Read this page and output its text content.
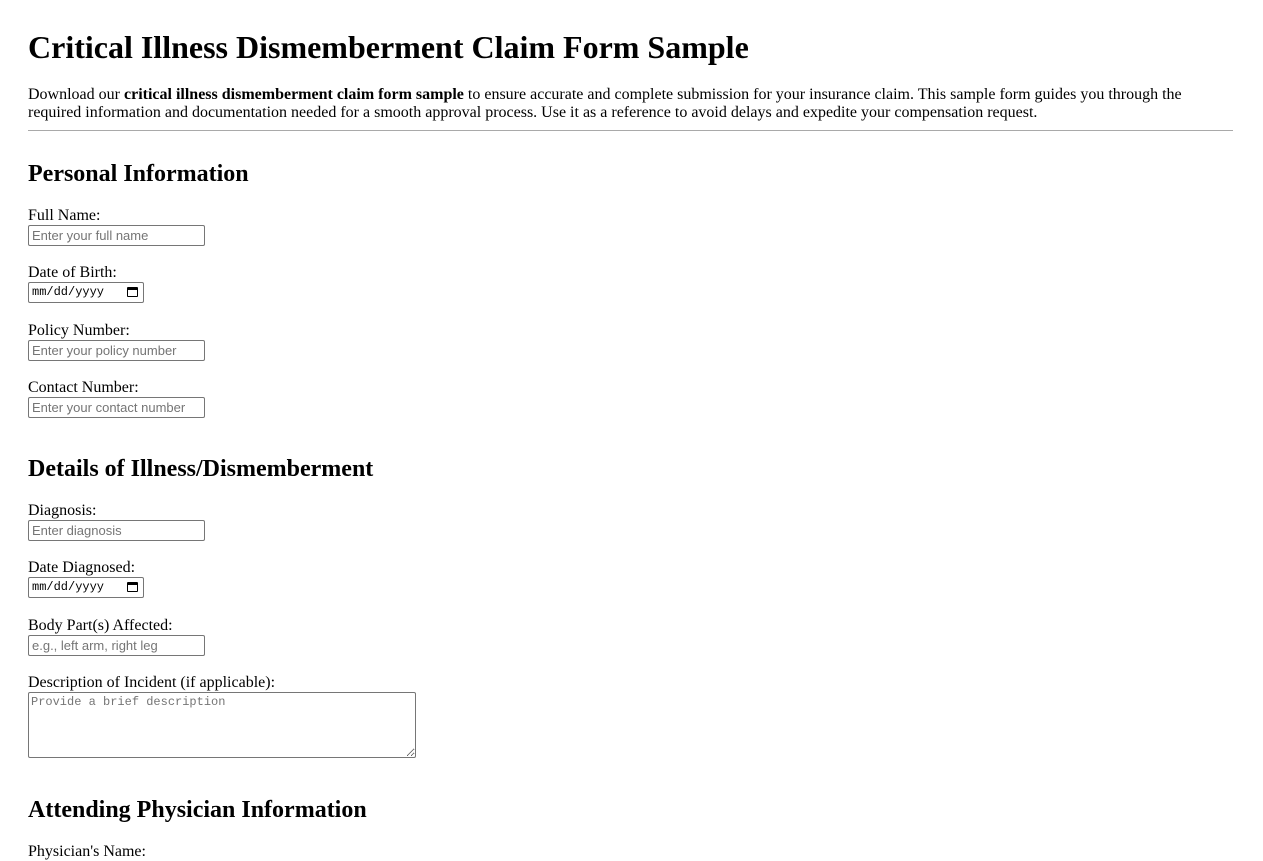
Critical Illness Dismemberment Claim Form Sample

Download our critical illness dismemberment claim form sample to ensure accurate and complete submission for your insurance claim. This sample form guides you through the required information and documentation needed for a smooth approval process. Use it as a reference to avoid delays and expedite your compensation request.

Personal Information
Full Name:
Enter your full name
Date of Birth:
mm/dd/yyyy
Policy Number:
Enter your policy number
Contact Number:
Enter your contact number
Details of Illness/Dismemberment
Diagnosis:
Enter diagnosis
Date Diagnosed:
mm/dd/yyyy
Body Part(s) Affected:
e.g., left arm, right leg
Description of Incident (if applicable):
Provide a brief description
Attending Physician Information
Physician's Name:
